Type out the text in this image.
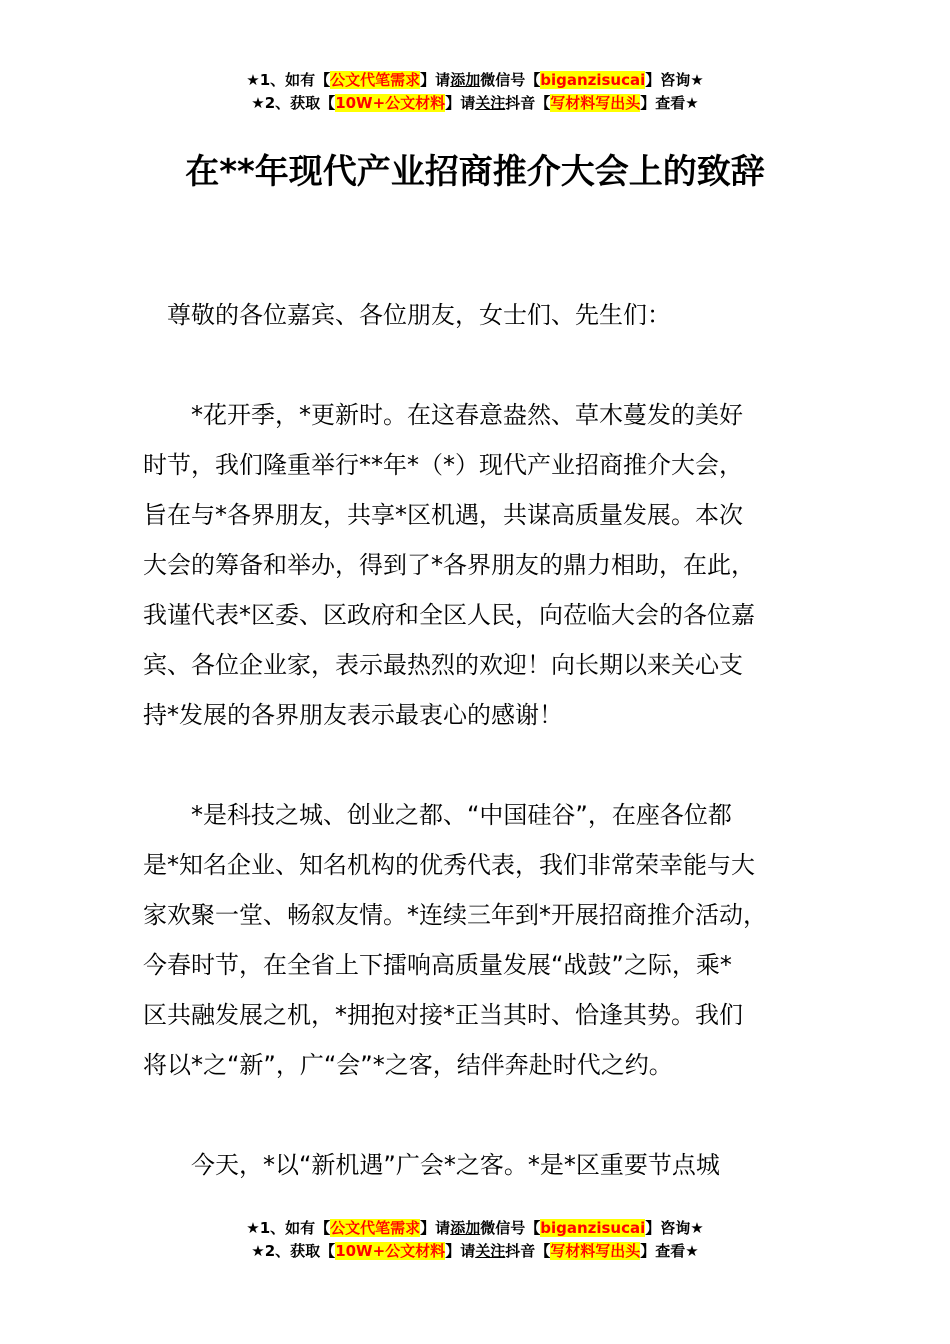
★1、如有【公文代笔需求】请添加微信号【biganzisucai】咨询★
★2、获取【10W+公文材料】请关注抖音【写材料写出头】查看★
在**年现代产业招商推介大会上的致辞

　尊敬的各位嘉宾、各位朋友，女士们、先生们：

　　*花开季，*更新时。在这春意盎然、草木蔓发的美好
时节，我们隆重举行**年*（*）现代产业招商推介大会，
旨在与*各界朋友，共享*区机遇，共谋高质量发展。本次
大会的筹备和举办，得到了*各界朋友的鼎力相助，在此，
我谨代表*区委、区政府和全区人民，向莅临大会的各位嘉
宾、各位企业家，表示最热烈的欢迎！向长期以来关心支
持*发展的各界朋友表示最衷心的感谢！

　　*是科技之城、创业之都、“中国硅谷”，在座各位都
是*知名企业、知名机构的优秀代表，我们非常荣幸能与大
家欢聚一堂、畅叙友情。*连续三年到*开展招商推介活动，
今春时节，在全省上下擂响高质量发展“战鼓”之际，乘*
区共融发展之机，*拥抱对接*正当其时、恰逢其势。我们
将以*之“新”，广“会”*之客，结伴奔赴时代之约。

　　今天，*以“新机遇”广会*之客。*是*区重要节点城

★1、如有【公文代笔需求】请添加微信号【biganzisucai】咨询★
★2、获取【10W+公文材料】请关注抖音【写材料写出头】查看★
